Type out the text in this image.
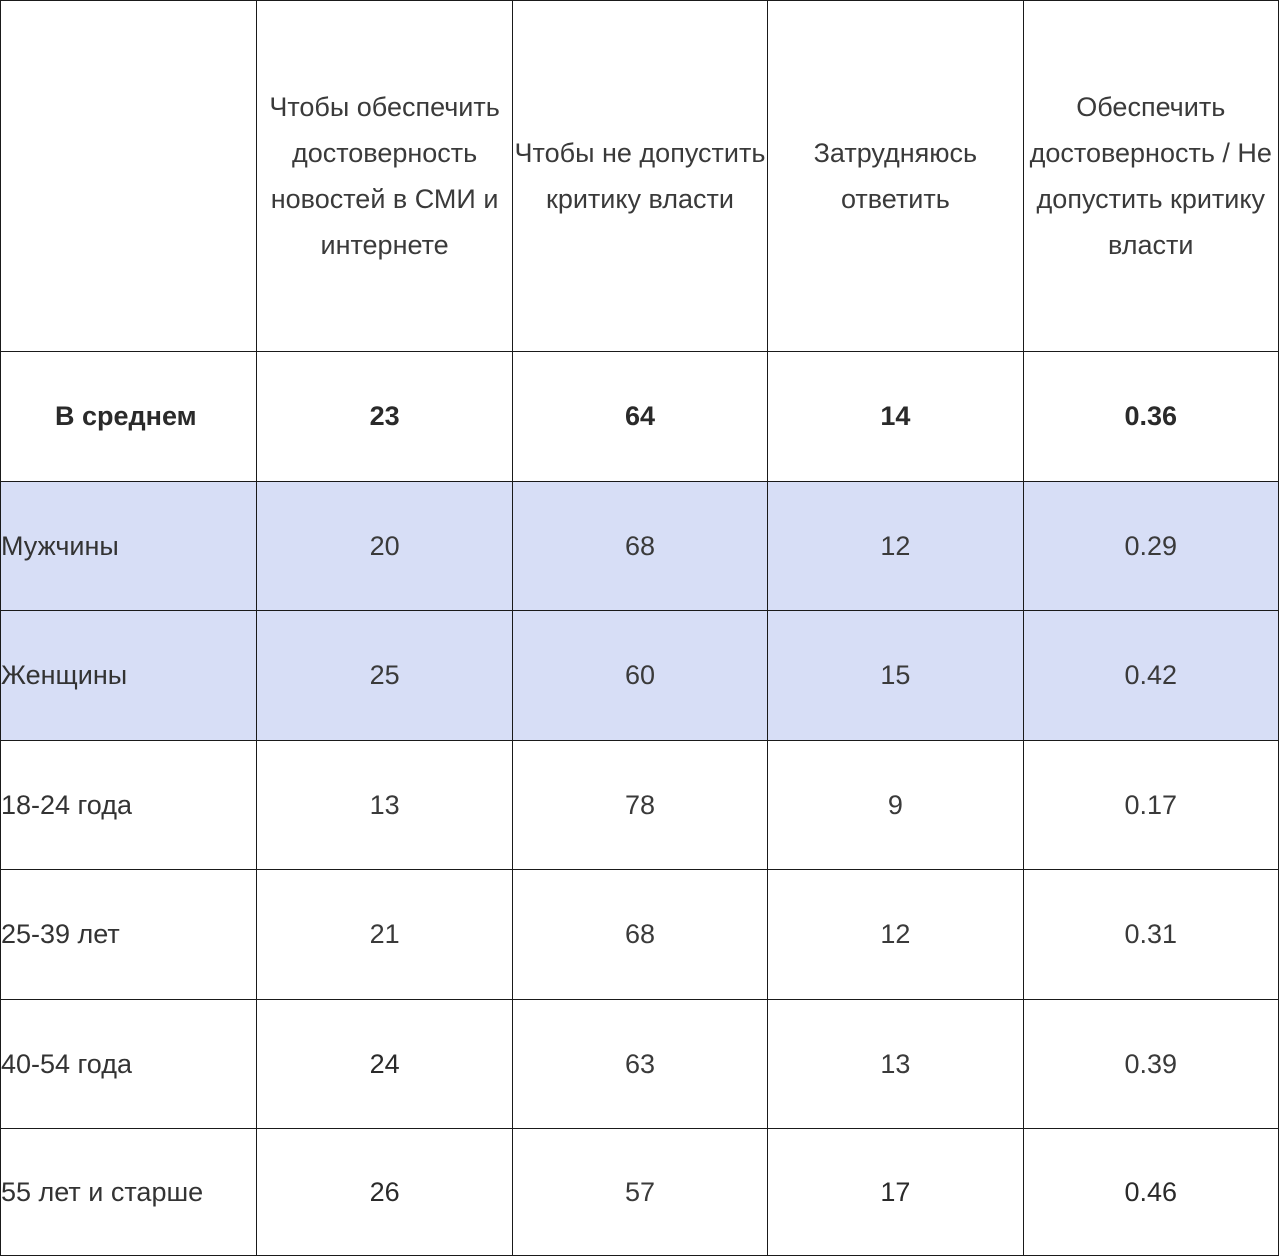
	Чтобы обеспечить достоверность новостей в СМИ и интернете	Чтобы не допустить критику власти	Затрудняюсь ответить	Обеспечить достоверность / Не допустить критику власти
В среднем	23	64	14	0.36
Мужчины	20	68	12	0.29
Женщины	25	60	15	0.42
18-24 года	13	78	9	0.17
25-39 лет	21	68	12	0.31
40-54 года	24	63	13	0.39
55 лет и старше	26	57	17	0.46
